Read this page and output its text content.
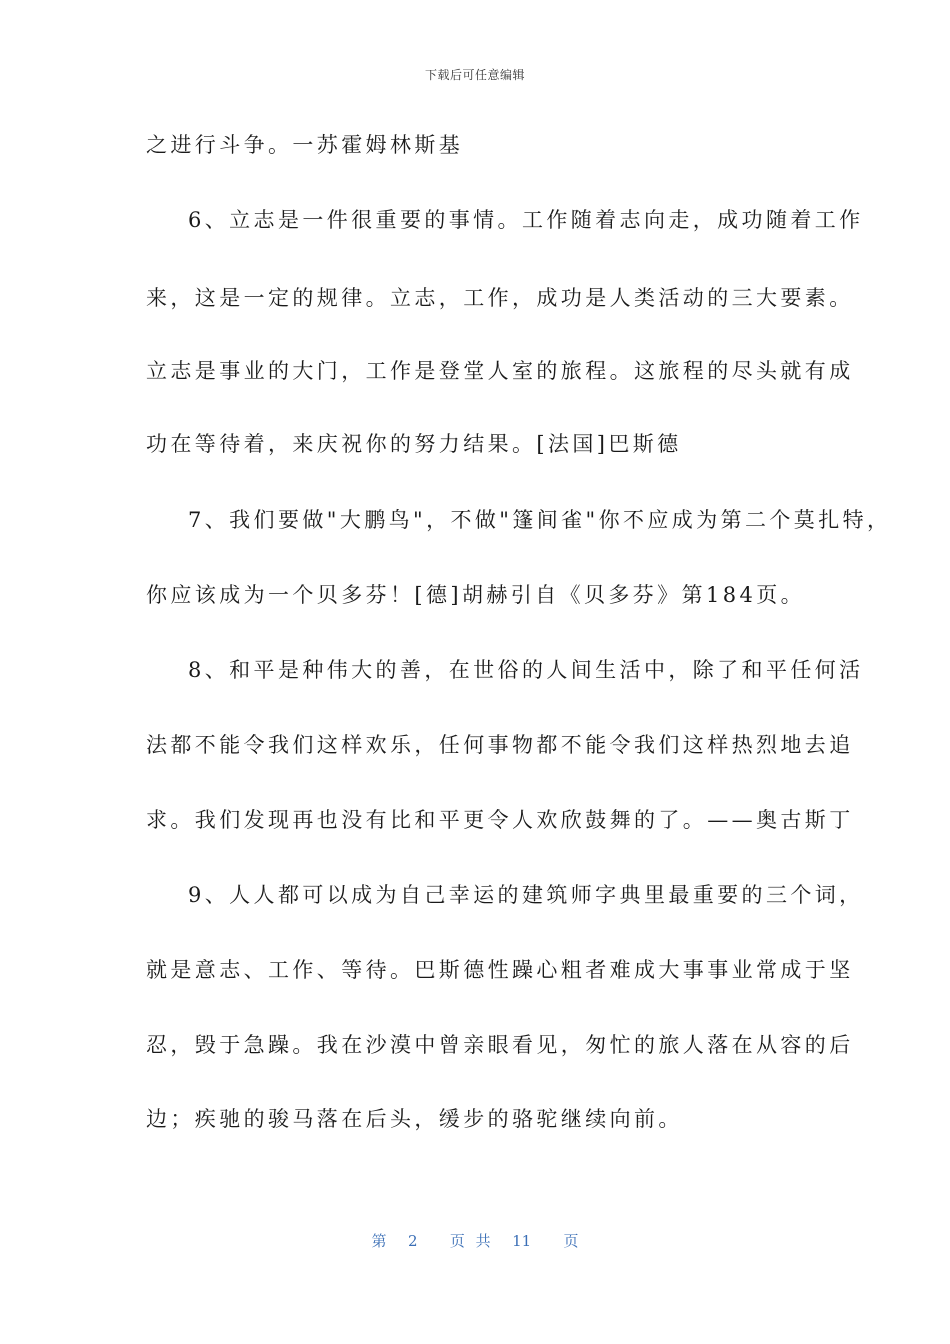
下载后可任意编辑
之进行斗争。一苏霍姆林斯基
6、立志是一件很重要的事情。工作随着志向走，成功随着工作
来，这是一定的规律。立志，工作，成功是人类活动的三大要素。
立志是事业的大门，工作是登堂人室的旅程。这旅程的尽头就有成
功在等待着，来庆祝你的努力结果。[法国]巴斯德
7、我们要做"大鹏鸟"，不做"篷间雀"你不应成为第二个莫扎特，
你应该成为一个贝多芬！[德]胡赫引自《贝多芬》第184页。
8、和平是种伟大的善，在世俗的人间生活中，除了和平任何活
法都不能令我们这样欢乐，任何事物都不能令我们这样热烈地去追
求。我们发现再也没有比和平更令人欢欣鼓舞的了。——奥古斯丁
9、人人都可以成为自己幸运的建筑师字典里最重要的三个词，
就是意志、工作、等待。巴斯德性躁心粗者难成大事事业常成于坚
忍，毁于急躁。我在沙漠中曾亲眼看见，匆忙的旅人落在从容的后
边；疾驰的骏马落在后头，缓步的骆驼继续向前。
第  2   页 共  11   页
